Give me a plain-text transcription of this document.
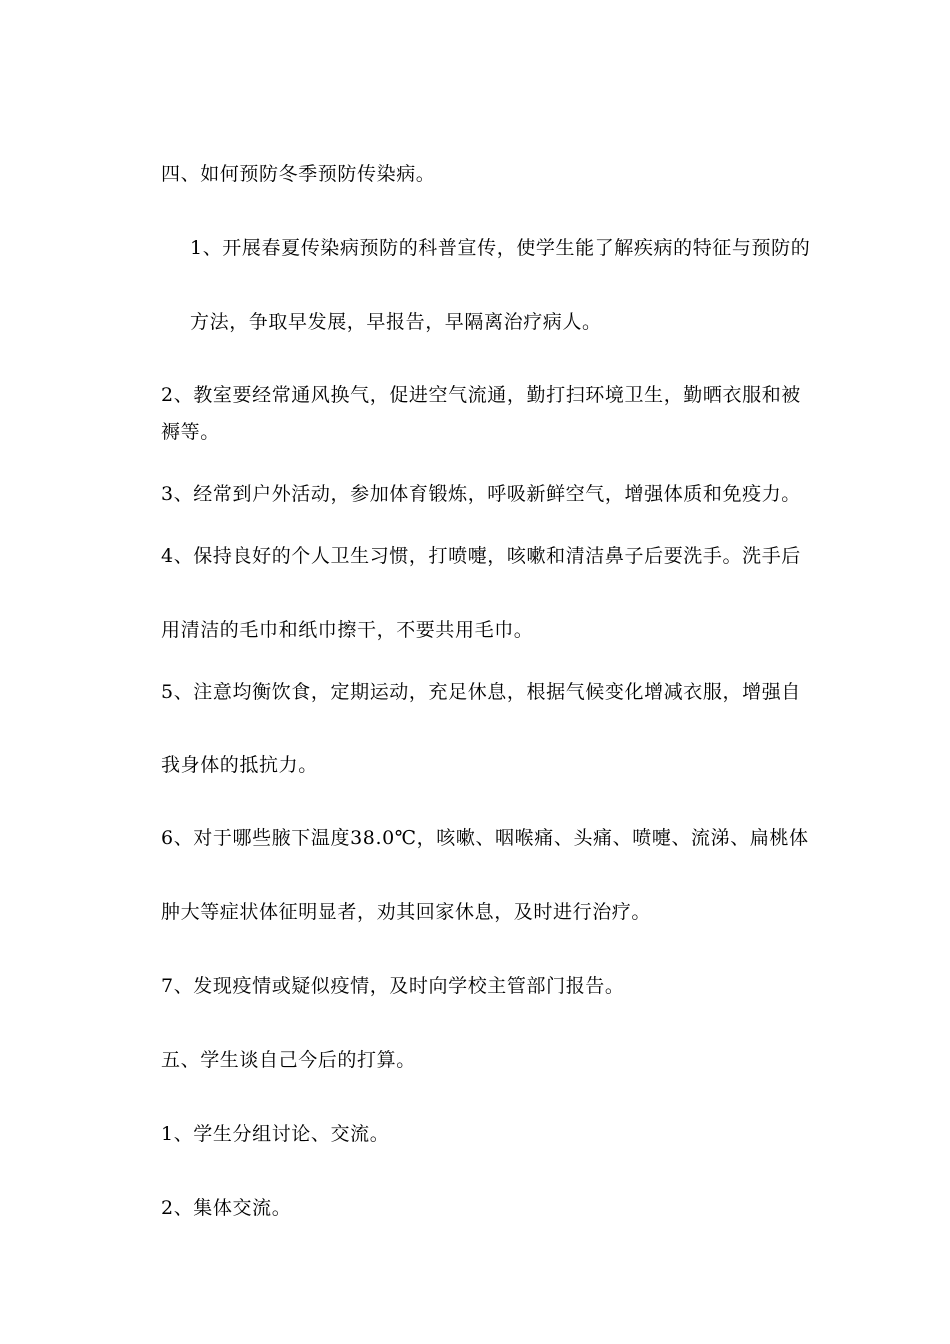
四、如何预防冬季预防传染病。
1、开展春夏传染病预防的科普宣传，使学生能了解疾病的特征与预防的
方法，争取早发展，早报告，早隔离治疗病人。
2、教室要经常通风换气，促进空气流通，勤打扫环境卫生，勤晒衣服和被
褥等。
3、经常到户外活动，参加体育锻炼，呼吸新鲜空气，增强体质和免疫力。
4、保持良好的个人卫生习惯，打喷嚏，咳嗽和清洁鼻子后要洗手。洗手后
用清洁的毛巾和纸巾擦干，不要共用毛巾。
5、注意均衡饮食，定期运动，充足休息，根据气候变化增减衣服，增强自
我身体的抵抗力。
6、对于哪些腋下温度38.0℃，咳嗽、咽喉痛、头痛、喷嚏、流涕、扁桃体
肿大等症状体征明显者，劝其回家休息，及时进行治疗。
7、发现疫情或疑似疫情，及时向学校主管部门报告。
五、学生谈自己今后的打算。
1、学生分组讨论、交流。
2、集体交流。
